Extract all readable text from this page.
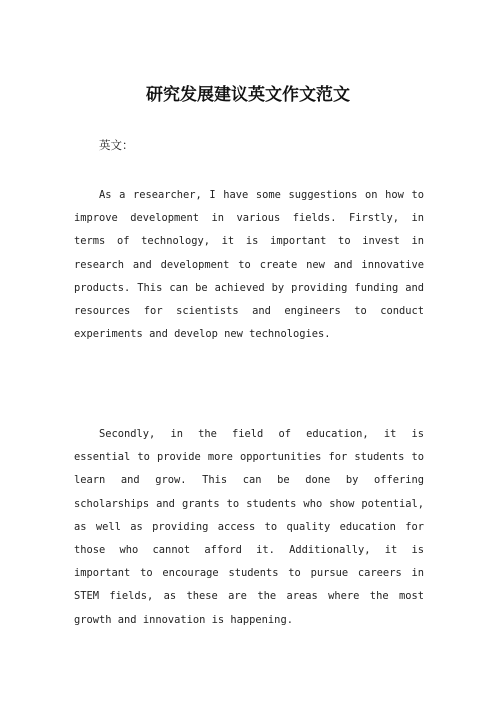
研究发展建议英文作文范文

英文：

As a researcher, I have some suggestions on how to improve development in various fields. Firstly, in terms of technology, it is important to invest in research and development to create new and innovative products. This can be achieved by providing funding and resources for scientists and engineers to conduct experiments and develop new technologies.

Secondly, in the field of education, it is essential to provide more opportunities for students to learn and grow. This can be done by offering scholarships and grants to students who show potential, as well as providing access to quality education for those who cannot afford it. Additionally, it is important to encourage students to pursue careers in STEM fields, as these are the areas where the most growth and innovation is happening.
